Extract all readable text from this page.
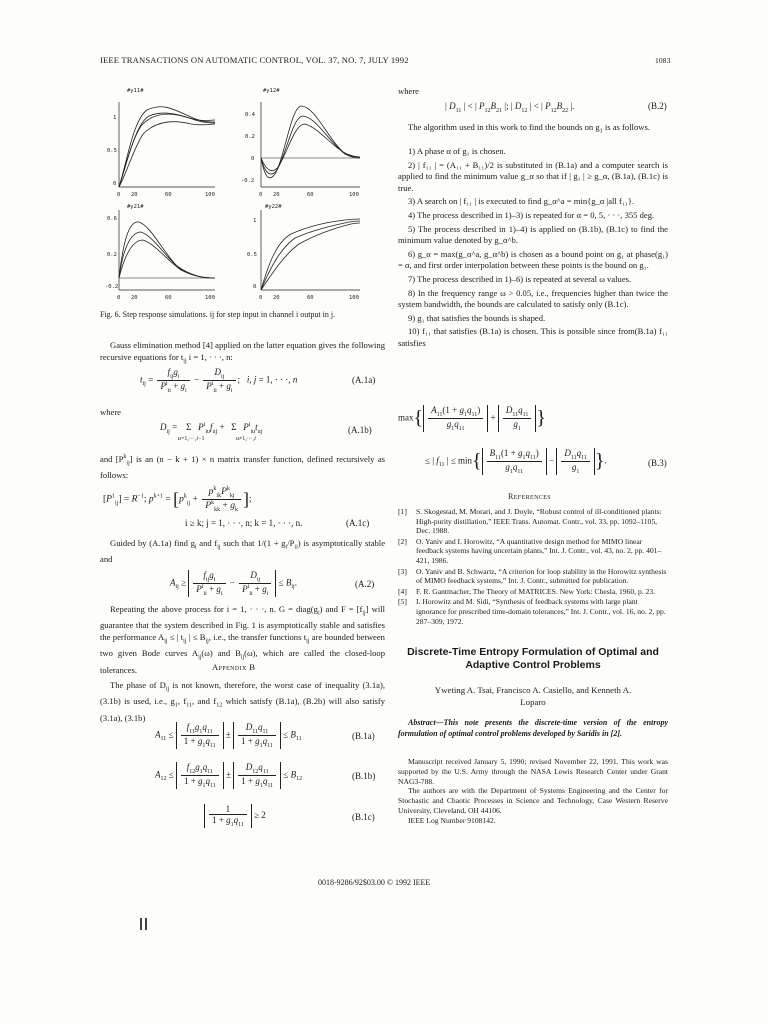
IEEE TRANSACTIONS ON AUTOMATIC CONTROL, VOL. 37, NO. 7, JULY 1992	1083
#y11#
1
0.5
0
0 20	60	100
#y12#
0.4
0.2
0
-0.2
0 20	60	100
#y21#
0.6
0.2
-0.2
0 20	60	100
#y22#
1
0.5
0
0 20	60	100
Fig. 6. Step response simulations. ij for step input in channel i output in j.

Gauss elimination method [4] applied on the latter equation gives the following recursive equations for $t_{ij}$ i = 1, · · ·, n:

$t_{ij} = \frac{f_{ij}g_i}{P^i_{ii} + g_i} - \frac{D_{ij}}{P^i_{ii} + g_i}$ ;   i, j = 1, · · ·, n	(A.1a)

where

$D_{ij}$ =    Σ   $P^i_{iu}f_{uj} + \Sigma$   $P^i_{iu}t_{uj}$
u=1,···,i−1                     u≠1,···,i
(A.1b)

and $[P^k_{ij}]$ is an (n − k + 1) × n matrix transfer function, defined recursively as follows:

$[P^1_{ij}] = R^{-1}$; $p^{k+1} = [p^k_{ij} + \frac{p^k_{ik}P^k_{kj}}{P^k_{kk} + g_k}$ ];
i ≥ k; j = 1, · · ·, n; k = 1, · · ·, n.	(A.1c)

Guided by (A.1a) find $g_i$ and $f_{ij}$ such that $1/(1 + g_i/P_{ii})$ is asymptotically stable and

$A_{ij} \ge \frac{f_{ij}g_i}{P^i_{ii} + g_i} - \frac{D_{ij}}{P^i_{ii} + g_i} \le B_{ij}$.	(A.2)

Repeating the above process for i = 1, · · ·, n. $G = diag(g_i)$ and $F = [f_{ij}]$ will guarantee that the system described in Fig. 1 is asymptotically stable and satisfies the performance $A_{ij}$ ≤ | $t_{ij}$ | ≤ $B_{ij}$, i.e., the transfer functions $t_{ij}$ are bounded between two given Bode curves $A_{ij}(\omega)$ and $B_{ij}(\omega)$, which are called the closed-loop tolerances.	Appendix B

The phase of $D_{ij}$ is not known, therefore, the worst case of inequality (3.1a), (3.1b) is used, i.e., $g_1$, $f_{11}$, and $f_{12}$ which satisfy (B.1a), (B.2b) will also satisfy (3.1a), (3.1b)

$A_{11} \le \frac{f_{11}g_1q_{11}}{1 + g_1q_{11}} \pm \frac{D_{11}q_{11}}{1 + g_1q_{11}} \le B_{11}$	(B.1a)
$A_{12} \le \frac{f_{12}g_1q_{11}}{1 + g_1q_{11}} \pm \frac{D_{12}q_{11}}{1 + g_1q_{11}} \le B_{12}$	(B.1b)
$\frac{1}{1 + g_1q_{11}} \ge 2$	(B.1c)

where

| $D_{11}$ | < | $P_{12}B_{21}$ |; | $D_{12}$ | < | $P_{12}B_{22}$ |.	(B.2)

The algorithm used in this work to find the bounds on $g_1$ is as follows.

1) A phase α of g₁ is chosen.

2) | f₁₁ | = (A₁₁ + B₁₁)/2 is substituted in (B.1a) and a computer search is applied to find the minimum value g_α so that if | g₁ | ≥ g_α, (B.1a), (B.1c) is true.

3) A search on | f₁₁ | is executed to find g_α^a = min{g_α |all f₁₁}.

4) The process described in 1)–3) is repeated for α = 0, 5, · · ·, 355 deg.

5) The process described in 1)–4) is applied on (B.1b), (B.1c) to find the minimum value denoted by g_α^b.

6) g_α = max(g_α^a, g_α^b) is chosen as a bound point on g₁ at phase(g₁) = α, and first order interpolation between these points is the bound on g₁.

7) The process described in 1)–6) is repeated at several ω values.

8) In the frequency range ω > 0.05, i.e., frequencies higher than twice the system bandwidth, the bounds are calculated to satisfy only (B.1c).

9) g₁ that satisfies the bounds is shaped.

10) f₁₁ that satisfies (B.1a) is chosen. This is possible since from(B.1a) f₁₁ satisfies

$\max\{ \frac{A_{11}(1 + g_1q_{11})}{g_1q_{11}} + \frac{D_{11}q_{11}}{g_1}$ }
≤ | $f_{11}$ | ≤ $\min\{ \frac{B_{11}(1 + g_1q_{11})}{g_1q_{11}} - \frac{D_{11}q_{11}}{g_1}$ }.	(B.3)
References
[1] S. Skogestad, M. Morari, and J. Doyle, “Robust control of ill-conditioned plants: High-purity distillation,” IEEE Trans. Automat. Contr., vol. 33, pp. 1092–1105, Dec. 1988.
[2] O. Yaniv and I. Horowitz, “A quantitative design method for MIMO linear feedback systems having uncertain plants,” Int. J. Contr., vol. 43, no. 2, pp. 401–421, 1986.
[3] O. Yaniv and B. Schwartz, “A criterion for loop stability in the Horowitz synthesis of MIMO feedback systems,” Int. J. Contr., submitted for publication.
[4] F. R. Gantmacher, The Theory of MATRICES. New York: Chesla, 1960, p. 23.
[5] I. Horowitz and M. Sidi, “Synthesis of feedback systems with large plant ignorance for prescribed time-domain tolerances,” Int. J. Contr., vol. 16, no. 2, pp. 287–309, 1972.
Discrete-Time Entropy Formulation of Optimal and Adaptive Control Problems
Yweting A. Tsai, Francisco A. Casiello, and Kenneth A. Loparo
Abstract—This note presents the discrete-time version of the entropy formulation of optimal control problems developed by Saridis in [2].

Manuscript received January 5, 1990; revised November 22, 1991. This work was supported by the U.S. Army through the NASA Lewis Research Center under Grant NAG3-788.

The authors are with the Department of Systems Engineering and the Center for Stochastic and Chaotic Processes in Science and Technology, Case Western Reserve University, Cleveland, OH 44106.

IEEE Log Number 9108142.

0018-9286/92$03.00 © 1992 IEEE
